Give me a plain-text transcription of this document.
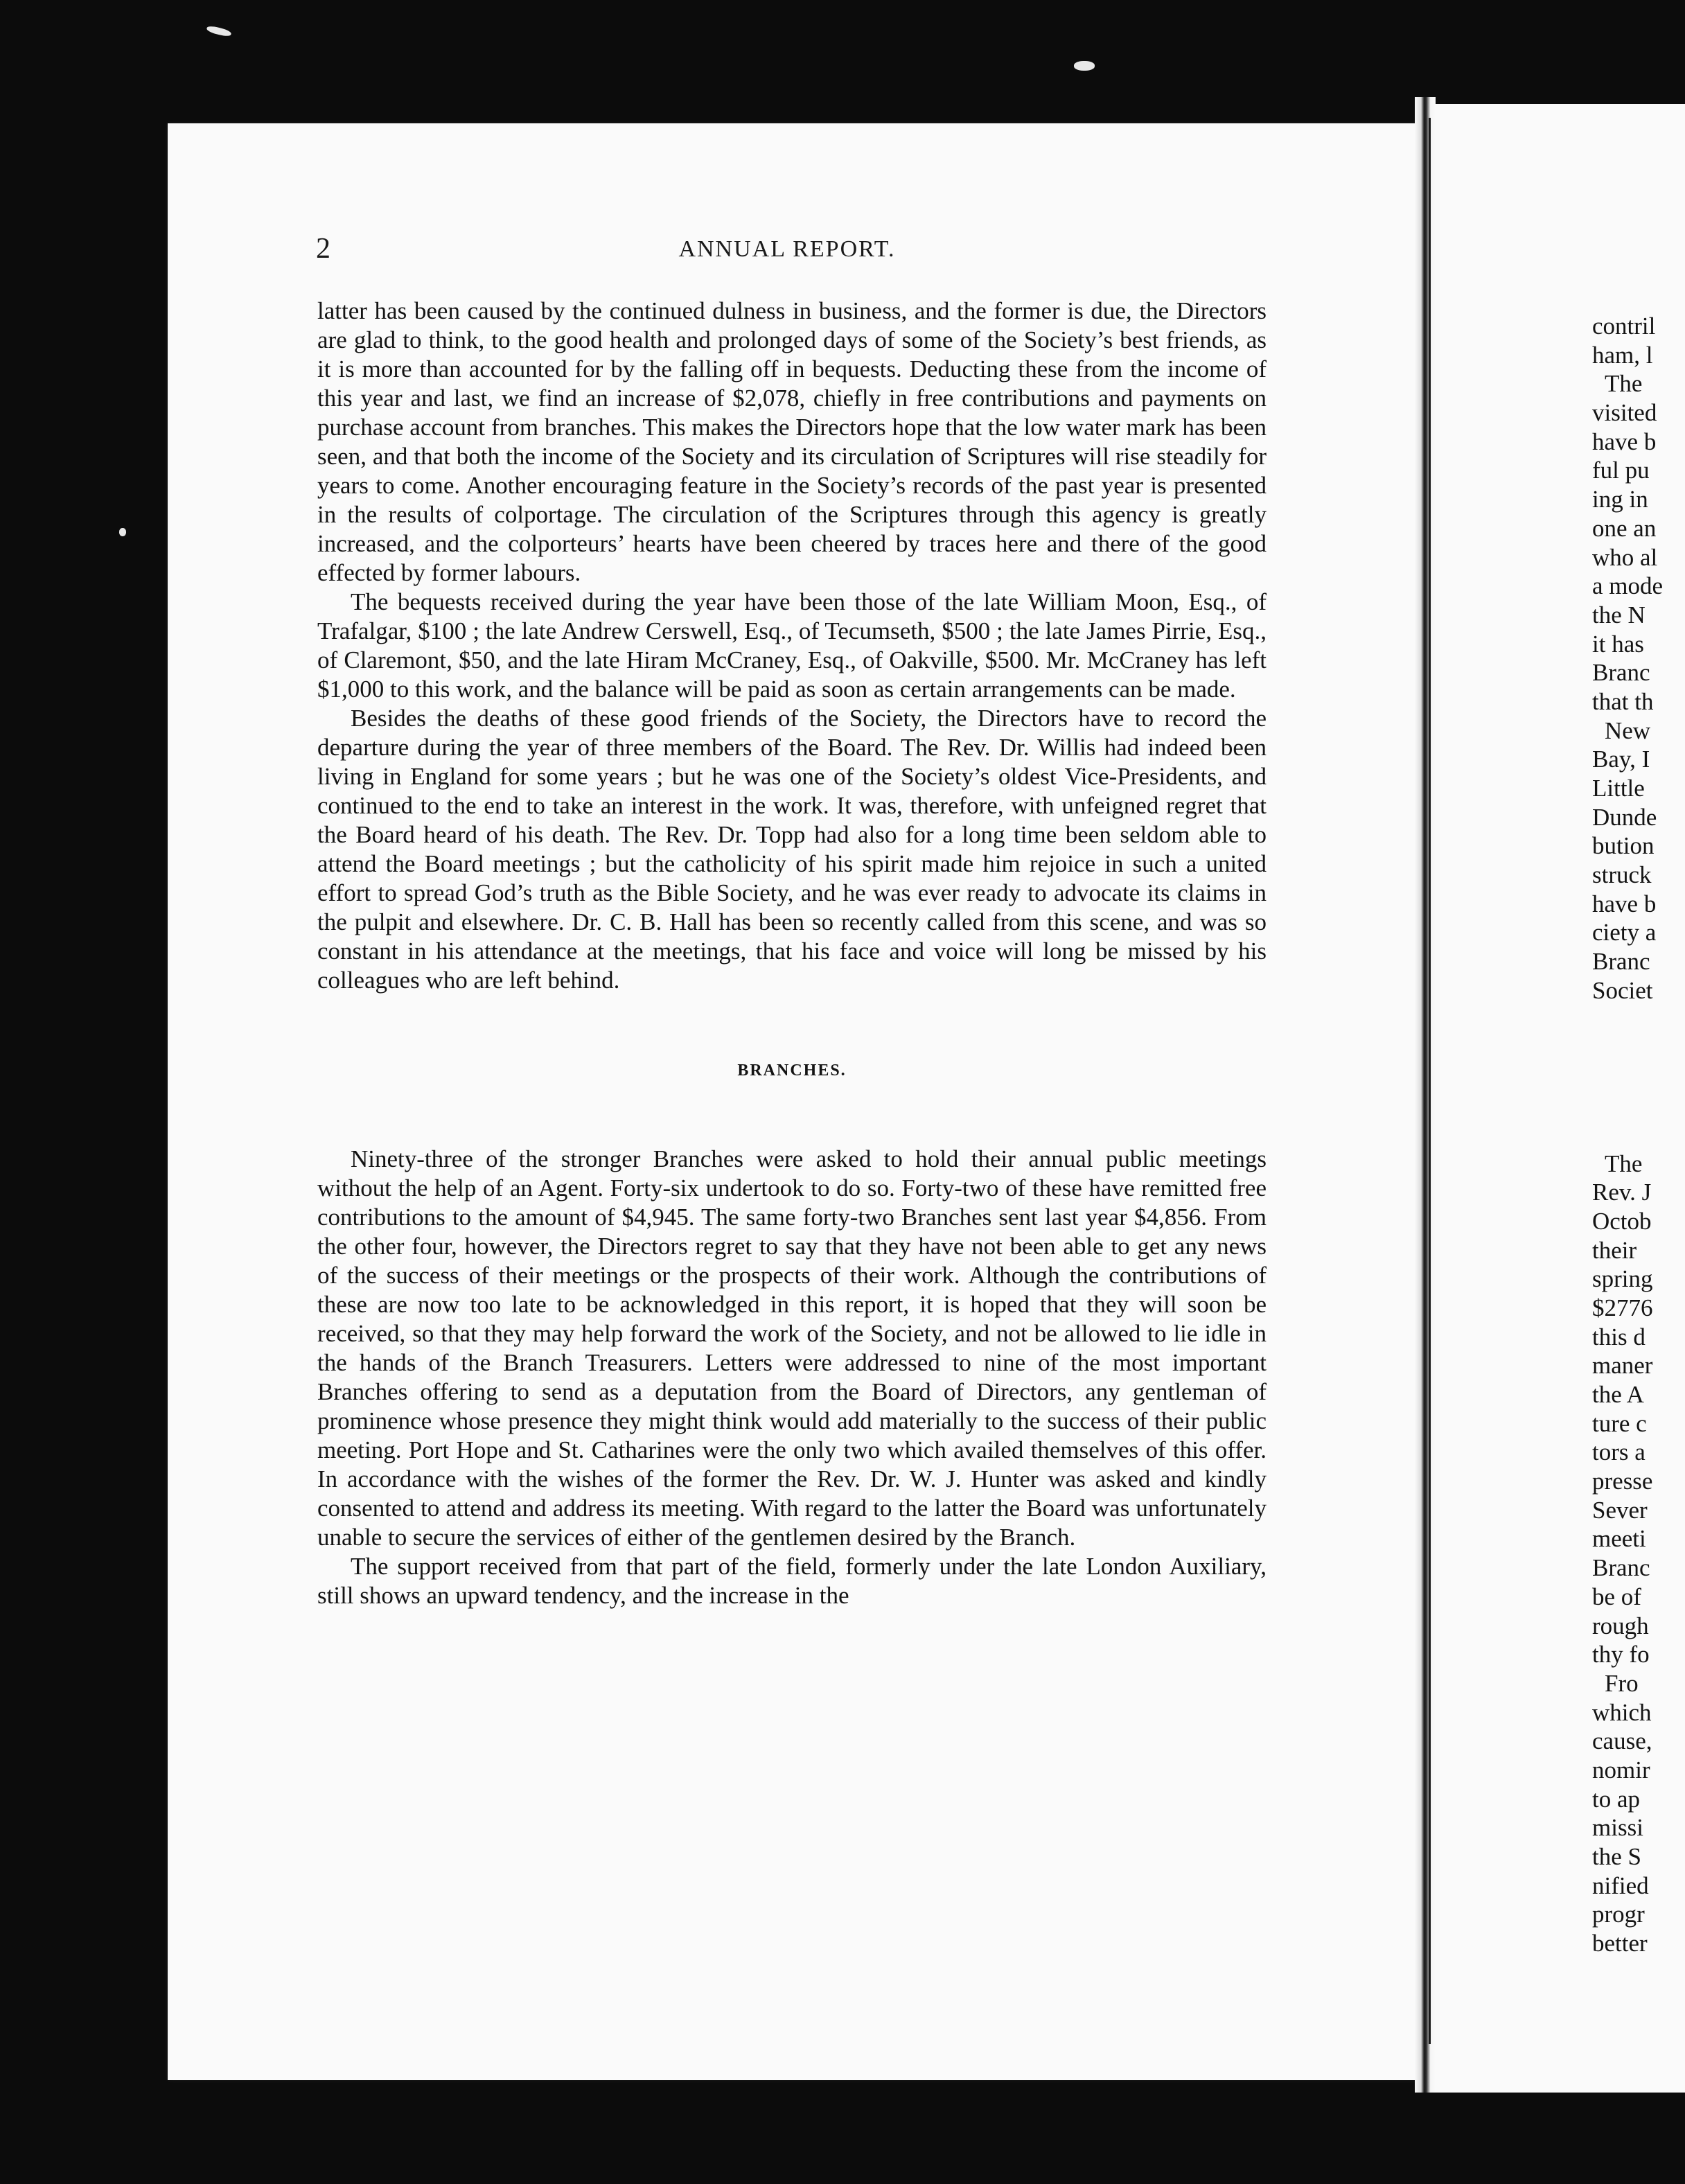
2	ANNUAL REPORT.

latter has been caused by the continued dulness in business, and the former is due, the Directors are glad to think, to the good health and prolonged days of some of the Society’s best friends, as it is more than accounted for by the falling off in bequests. Deducting these from the income of this year and last, we find an increase of $2,078, chiefly in free contributions and payments on purchase account from branches. This makes the Directors hope that the low water mark has been seen, and that both the income of the Society and its circulation of Scriptures will rise steadily for years to come. Another encouraging feature in the Society’s records of the past year is presented in the results of colportage. The circulation of the Scriptures through this agency is greatly increased, and the colporteurs’ hearts have been cheered by traces here and there of the good effected by former labours.

The bequests received during the year have been those of the late William Moon, Esq., of Trafalgar, $100 ; the late Andrew Cerswell, Esq., of Tecumseth, $500 ; the late James Pirrie, Esq., of Claremont, $50, and the late Hiram McCraney, Esq., of Oakville, $500. Mr. McCraney has left $1,000 to this work, and the balance will be paid as soon as certain arrangements can be made.

Besides the deaths of these good friends of the Society, the Directors have to record the departure during the year of three members of the Board. The Rev. Dr. Willis had indeed been living in England for some years ; but he was one of the Society’s oldest Vice-Presidents, and continued to the end to take an interest in the work. It was, therefore, with unfeigned regret that the Board heard of his death. The Rev. Dr. Topp had also for a long time been seldom able to attend the Board meetings ; but the catholicity of his spirit made him rejoice in such a united effort to spread God’s truth as the Bible Society, and he was ever ready to advocate its claims in the pulpit and elsewhere. Dr. C. B. Hall has been so recently called from this scene, and was so constant in his attendance at the meetings, that his face and voice will long be missed by his colleagues who are left behind.

BRANCHES.

Ninety-three of the stronger Branches were asked to hold their annual public meetings without the help of an Agent. Forty-six undertook to do so. Forty-two of these have remitted free contributions to the amount of $4,945. The same forty-two Branches sent last year $4,856. From the other four, however, the Directors regret to say that they have not been able to get any news of the success of their meetings or the prospects of their work. Although the contributions of these are now too late to be acknowledged in this report, it is hoped that they will soon be received, so that they may help forward the work of the Society, and not be allowed to lie idle in the hands of the Branch Treasurers. Letters were addressed to nine of the most important Branches offering to send as a deputation from the Board of Directors, any gentleman of prominence whose presence they might think would add materially to the success of their public meeting. Port Hope and St. Catharines were the only two which availed themselves of this offer. In accordance with the wishes of the former the Rev. Dr. W. J. Hunter was asked and kindly consented to attend and address its meeting. With regard to the latter the Board was unfortunately unable to secure the services of either of the gentlemen desired by the Branch.

The support received from that part of the field, formerly under the late London Auxiliary, still shows an upward tendency, and the increase in the

contril
ham, l
The
visited
have b
ful pu
ing in
one an
who al
a mode
the N
it has
Branc
that th
New
Bay, I
Little
Dunde
bution
struck
have b
ciety a
Branc
Societ
The
Rev. J
Octob
their
spring
$2776
this d
maner
the A
ture c
tors a
presse
Sever
meeti
Branc
be of
rough
thy fo
Fro
which
cause,
nomir
to ap
missi
the S
nified
progr
better
